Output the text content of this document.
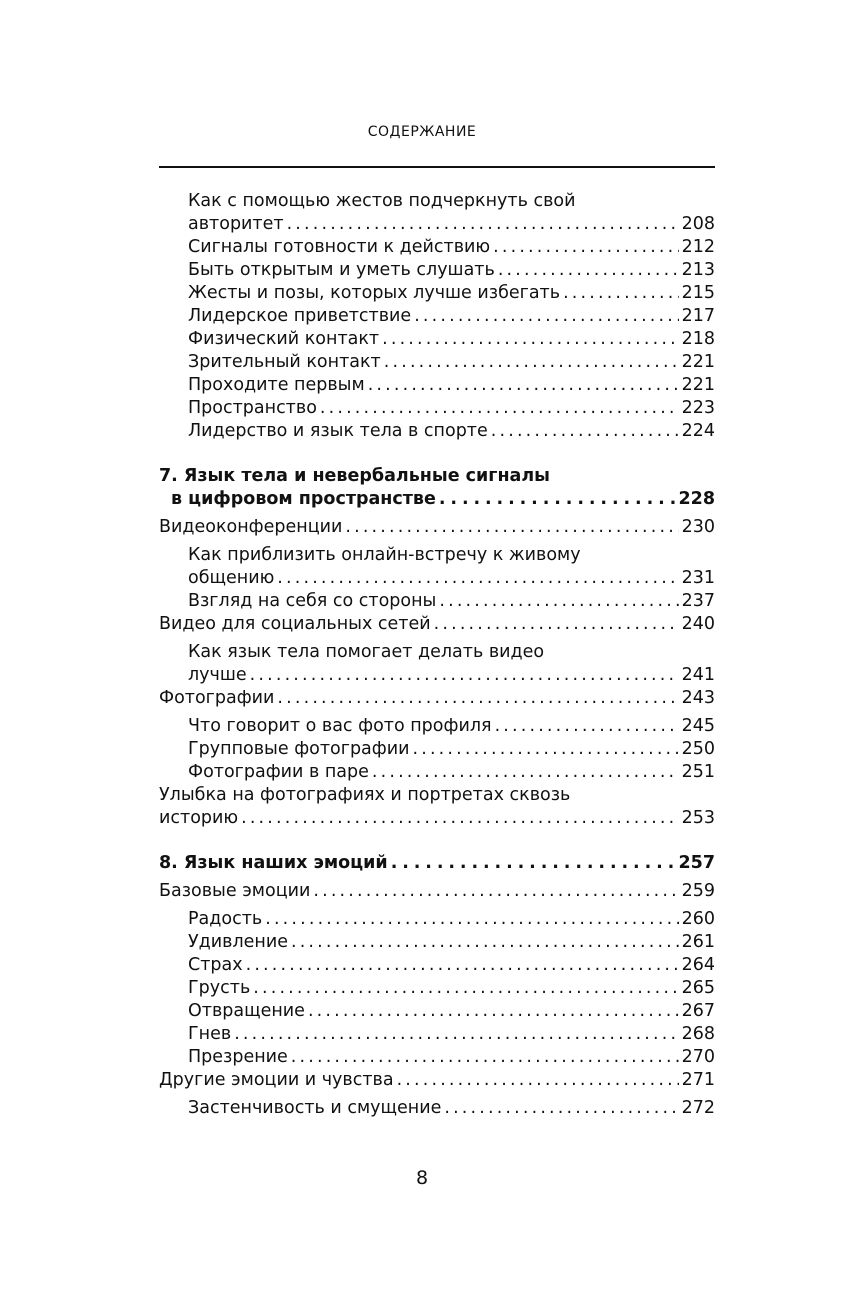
СОДЕРЖАНИЕ
Как с помощью жестов подчеркнуть свой
авторитет . . .	208
Сигналы готовности к действию . . .	212
Быть открытым и уметь слушать . . .	213
Жесты и позы, которых лучше избегать . . .	215
Лидерское приветствие . . .	217
Физический контакт . . .	218
Зрительный контакт . . .	221
Проходите первым . . .	221
Пространство . . .	223
Лидерство и язык тела в спорте . . .	224
7. Язык тела и невербальные сигналы
в цифровом пространстве . . .	228
Видеоконференции . . .	230
Как приблизить онлайн-встречу к живому
общению . . .	231
Взгляд на себя со стороны . . .	237
Видео для социальных сетей . . .	240
Как язык тела помогает делать видео
лучше . . .	241
Фотографии . . .	243
Что говорит о вас фото профиля . . .	245
Групповые фотографии . . .	250
Фотографии в паре . . .	251
Улыбка на фотографиях и портретах сквозь
историю . . .	253
8. Язык наших эмоций . . .	257
Базовые эмоции . . .	259
Радость . . .	260
Удивление . . .	261
Страх . . .	264
Грусть . . .	265
Отвращение . . .	267
Гнев . . .	268
Презрение . . .	270
Другие эмоции и чувства . . .	271
Застенчивость и смущение . . .	272
8
